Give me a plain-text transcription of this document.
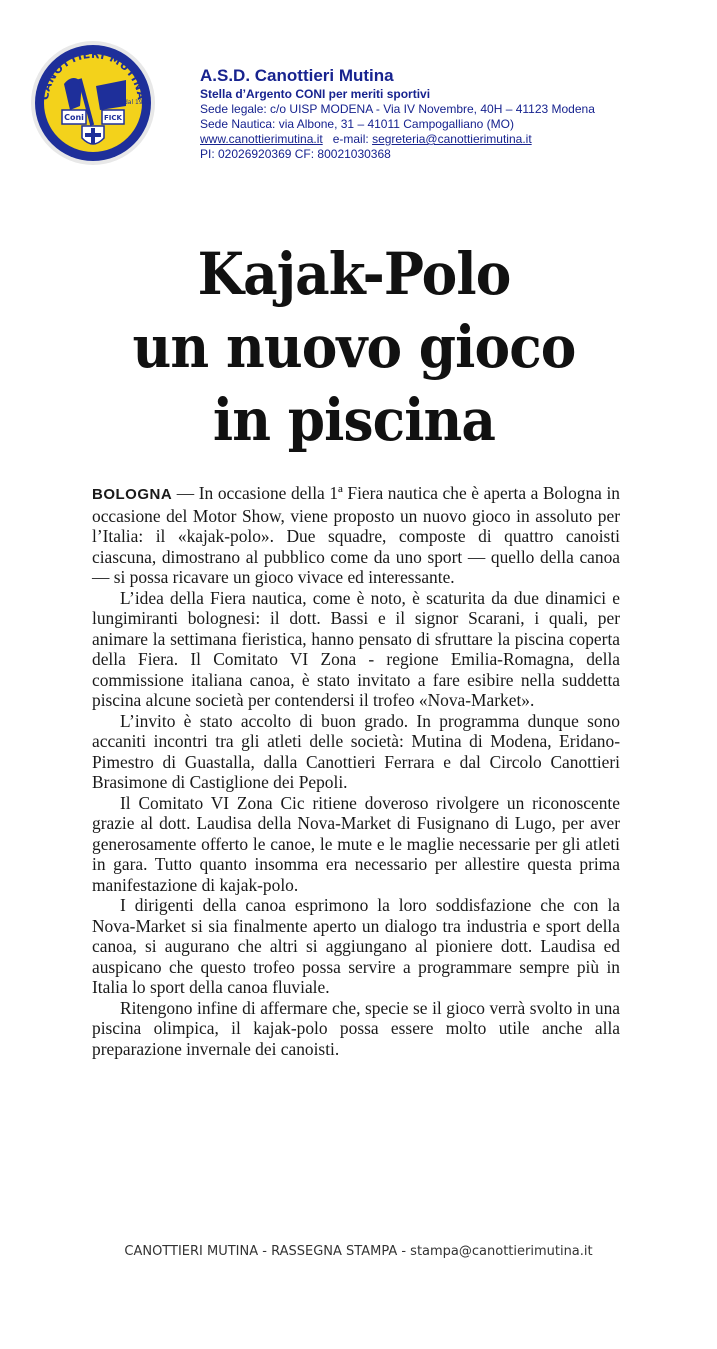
CANOTTIERI MUTINA
Coni	FICK
dal 1930
A.S.D. Canottieri Mutina
Stella d’Argento CONI per meriti sportivi
Sede legale: c/o UISP MODENA - Via IV Novembre, 40H – 41123 Modena
Sede Nautica: via Albone, 31 – 41011 Campogalliano (MO)
www.canottierimutina.it   e-mail: segreteria@canottierimutina.it
PI: 02026920369 CF: 80021030368
Kajak-Polo
un nuovo gioco
in piscina

BOLOGNA — In occasione della 1ª Fiera nautica che è aperta a Bologna in occasione del Motor Show, viene proposto un nuovo gioco in assoluto per l’Italia: il «kajak-polo». Due squadre, composte di quattro canoisti ciascuna, dimostrano al pubblico come da uno sport — quello della canoa — si possa ricavare un gioco vivace ed interessante.

L’idea della Fiera nautica, come è noto, è scaturita da due dinamici e lungimiranti bolognesi: il dott. Bassi e il signor Scarani, i quali, per animare la settimana fieristica, hanno pensato di sfruttare la piscina coperta della Fiera. Il Comitato VI Zona - regione Emilia-Romagna, della commissione italiana canoa, è stato invitato a fare esibire nella suddetta piscina alcune società per contendersi il trofeo «Nova-Market».

L’invito è stato accolto di buon grado. In programma dunque sono accaniti incontri tra gli atleti delle società: Mutina di Modena, Eridano-Pimestro di Guastalla, dalla Canottieri Ferrara e dal Circolo Canottieri Brasimone di Castiglione dei Pepoli.

Il Comitato VI Zona Cic ritiene doveroso rivolgere un riconoscente grazie al dott. Laudisa della Nova-Market di Fusignano di Lugo, per aver generosamente offerto le canoe, le mute e le maglie necessarie per gli atleti in gara. Tutto quanto insomma era necessario per allestire questa prima manifestazione di kajak-polo.

I dirigenti della canoa esprimono la loro soddisfazione che con la Nova-Market si sia finalmente aperto un dialogo tra industria e sport della canoa, si augurano che altri si aggiungano al pioniere dott. Laudisa ed auspicano che questo trofeo possa servire a programmare sempre più in Italia lo sport della canoa fluviale.

Ritengono infine di affermare che, specie se il gioco verrà svolto in una piscina olimpica, il kajak-polo possa essere molto utile anche alla preparazione invernale dei canoisti.

CANOTTIERI MUTINA - RASSEGNA STAMPA - stampa@canottierimutina.it
